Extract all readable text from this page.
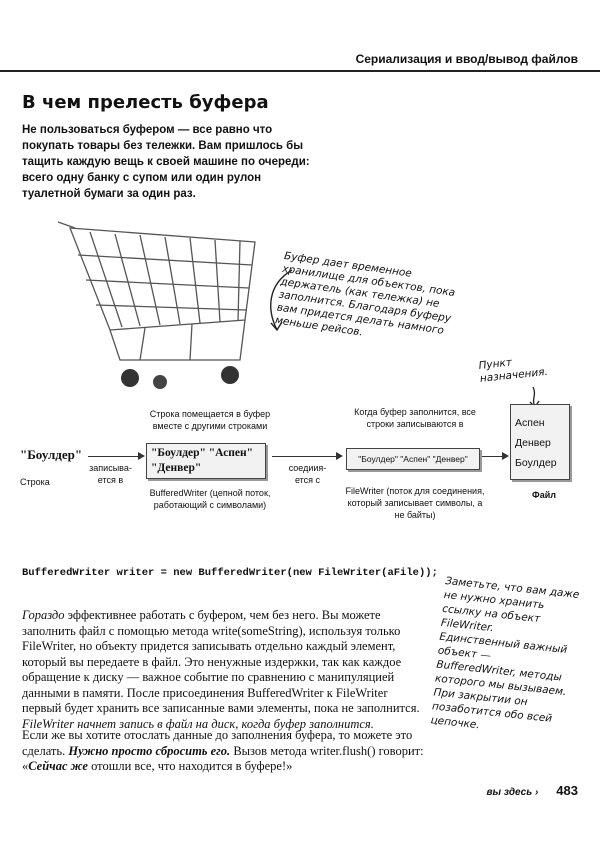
Сериализация и ввод/вывод файлов
В чем прелесть буфера
Не пользоваться буфером — все равно что покупать товары без тележки. Вам пришлось бы тащить каждую вещь к своей машине по очереди: всего одну банку с супом или один рулон туалетной бумаги за один раз.
Буфер дает временное хранилище для объектов, пока держатель (как тележка) не заполнится. Благодаря буферу вам придется делать намного меньше рейсов.
Пункт назначения.
"Боулдер"
Строка
записыва-
ется в
Строка помещается в буфер вместе с другими строками
"Боулдер" "Аспен"
"Денвер"
BufferedWriter (цепной поток, работающий с символами)
соедиия-
ется с
Когда буфер заполнится, все строки записываются в
"Боулдер" "Аспен" "Денвер"
FileWriter (поток для соединения, который записывает символы, а не байты)
Аспен
Денвер
Боулдер
Файл
BufferedWriter writer = new BufferedWriter(new FileWriter(aFile));
Заметьте, что вам даже не нужно хранить ссылку на объект FileWriter. Единственный важный объект — BufferedWriter, методы которого мы вызываем. При закрытии он позаботится обо всей цепочке.
Гораздо эффективнее работать с буфером, чем без него. Вы можете заполнить файл с помощью метода write(someString), используя только FileWriter, но объекту придется записывать отдельно каждый элемент, который вы передаете в файл. Это ненужные издержки, так как каждое обращение к диску — важное событие по сравнению с манипуляцией данными в памяти. После присоединения BufferedWriter к FileWriter первый будет хранить все записанные вами элементы, пока не заполнится. FileWriter начнет запись в файл на диск, когда буфер заполнится.
Если же вы хотите отослать данные до заполнения буфера, то можете это сделать. Нужно просто сбросить его. Вызов метода writer.flush() говорит: «Сейчас же отошли все, что находится в буфере!»
вы здесь › 483
